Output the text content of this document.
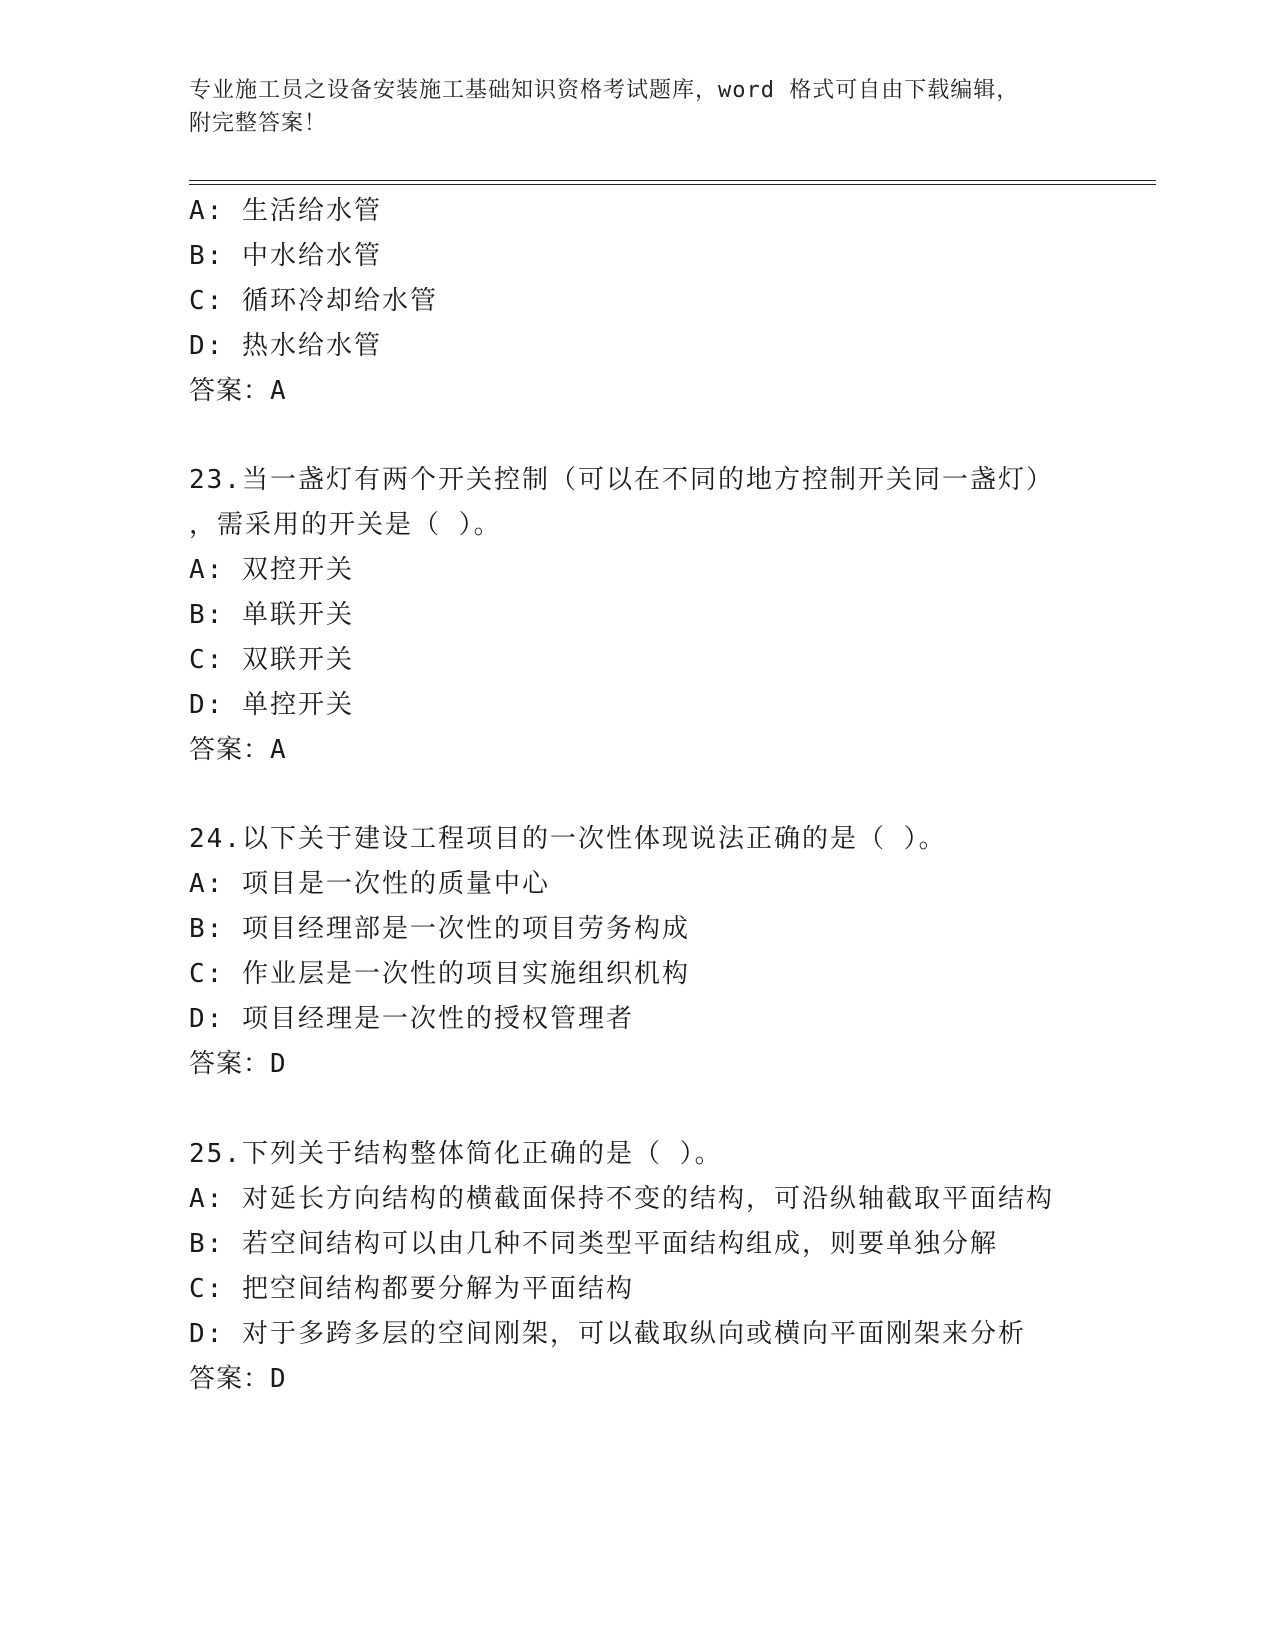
专业施工员之设备安装施工基础知识资格考试题库，word 格式可自由下载编辑，
附完整答案！
A: 生活给水管
B: 中水给水管
C: 循环冷却给水管
D: 热水给水管
答案：A
23.当一盏灯有两个开关控制（可以在不同的地方控制开关同一盏灯）
，需采用的开关是（ ）。
A: 双控开关
B: 单联开关
C: 双联开关
D: 单控开关
答案：A
24.以下关于建设工程项目的一次性体现说法正确的是（ ）。
A: 项目是一次性的质量中心
B: 项目经理部是一次性的项目劳务构成
C: 作业层是一次性的项目实施组织机构
D: 项目经理是一次性的授权管理者
答案：D
25.下列关于结构整体简化正确的是（ ）。
A: 对延长方向结构的横截面保持不变的结构，可沿纵轴截取平面结构
B: 若空间结构可以由几种不同类型平面结构组成，则要单独分解
C: 把空间结构都要分解为平面结构
D: 对于多跨多层的空间刚架，可以截取纵向或横向平面刚架来分析
答案：D
